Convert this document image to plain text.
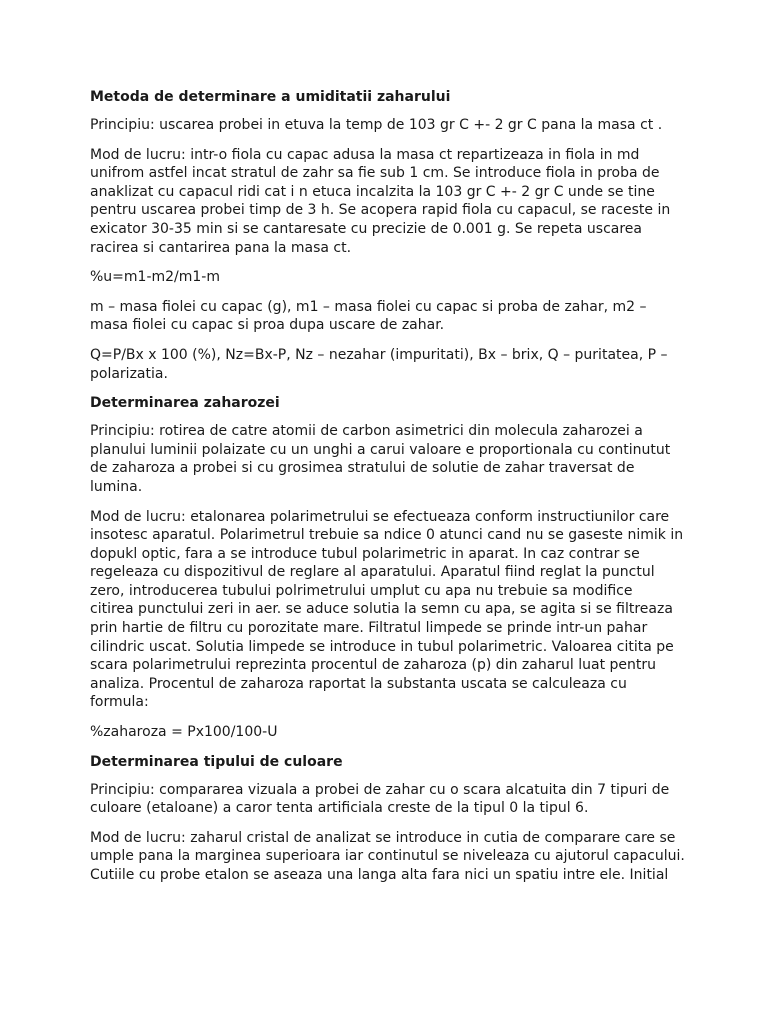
Metoda de determinare a umiditatii zaharului
Principiu: uscarea probei in etuva la temp de 103 gr C +- 2 gr C pana la masa ct .
Mod de lucru: intr-o fiola cu capac adusa la masa ct repartizeaza in fiola in md
unifrom astfel incat stratul de zahr sa fie sub 1 cm. Se introduce fiola in proba de
anaklizat cu capacul ridi cat i n etuca incalzita la 103 gr C +- 2 gr C unde se tine
pentru uscarea probei timp de 3 h. Se acopera rapid fiola cu capacul, se raceste in
exicator 30-35 min si se cantaresate cu precizie de 0.001 g. Se repeta uscarea
racirea si cantarirea pana la masa ct.
%u=m1-m2/m1-m
m – masa fiolei cu capac (g), m1 – masa fiolei cu capac si proba de zahar, m2 –
masa fiolei cu capac si proa dupa uscare de zahar.
Q=P/Bx x 100 (%), Nz=Bx-P, Nz – nezahar (impuritati), Bx – brix, Q – puritatea, P –
polarizatia.
Determinarea zaharozei
Principiu: rotirea de catre atomii de carbon asimetrici din molecula zaharozei a
planului luminii polaizate cu un unghi a carui valoare e proportionala cu continutut
de zaharoza a probei si cu grosimea stratului de solutie de zahar traversat de
lumina.
Mod de lucru: etalonarea polarimetrului se efectueaza conform instructiunilor care
insotesc aparatul. Polarimetrul trebuie sa ndice 0 atunci cand nu se gaseste nimik in
dopukl optic, fara a se introduce tubul polarimetric in aparat. In caz contrar se
regeleaza cu dispozitivul de reglare al aparatului. Aparatul fiind reglat la punctul
zero, introducerea tubului polrimetrului umplut cu apa nu trebuie sa modifice
citirea punctului zeri in aer. se aduce solutia la semn cu apa, se agita si se filtreaza
prin hartie de filtru cu porozitate mare. Filtratul limpede se prinde intr-un pahar
cilindric uscat. Solutia limpede se introduce in tubul polarimetric. Valoarea citita pe
scara polarimetrului reprezinta procentul de zaharoza (p) din zaharul luat pentru
analiza. Procentul de zaharoza raportat la substanta uscata se calculeaza cu
formula:
%zaharoza = Px100/100-U
Determinarea tipului de culoare
Principiu: compararea vizuala a probei de zahar cu o scara alcatuita din 7 tipuri de
culoare (etaloane) a caror tenta artificiala creste de la tipul 0 la tipul 6.
Mod de lucru: zaharul cristal de analizat se introduce in cutia de comparare care se
umple pana la marginea superioara iar continutul se niveleaza cu ajutorul capacului.
Cutiile cu probe etalon se aseaza una langa alta fara nici un spatiu intre ele. Initial
